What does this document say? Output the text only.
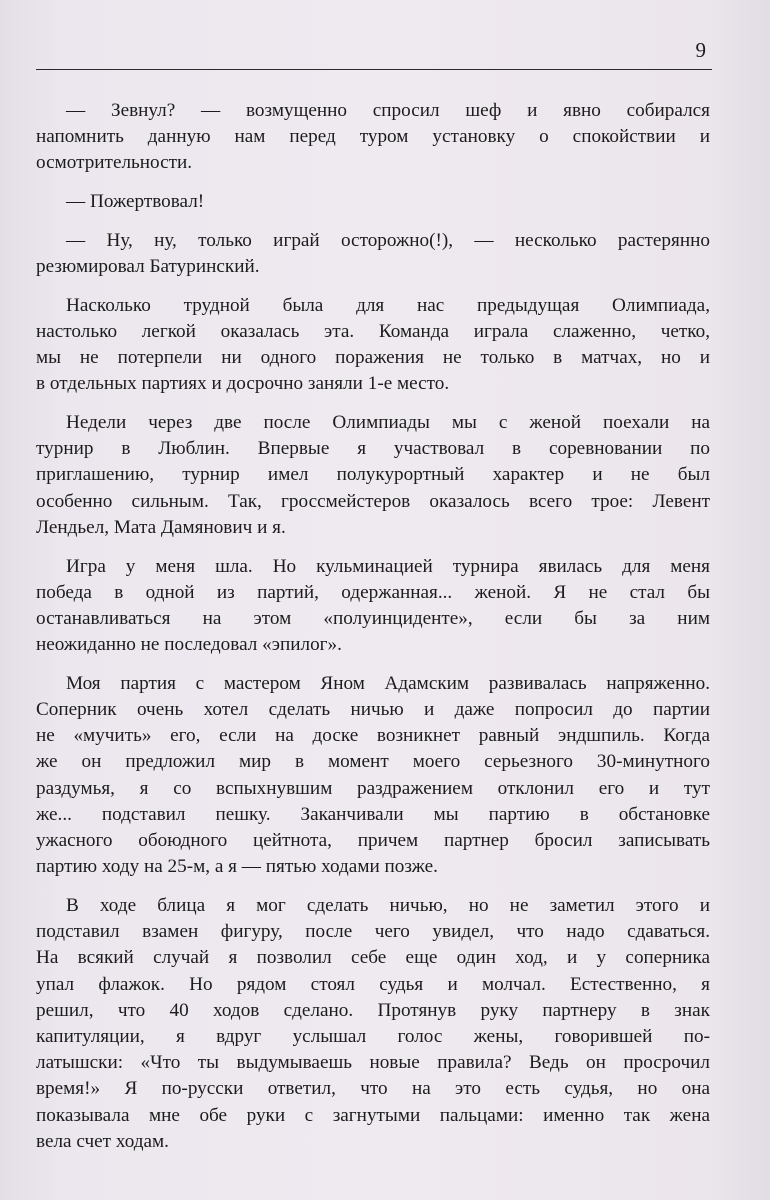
9
— Зевнул? — возмущенно спросил шеф и явно собирался
напомнить данную нам перед туром установку о спокойствии и
осмотрительности.
— Пожертвовал!
— Ну, ну, только играй осторожно(!), — несколько растерянно
резюмировал Батуринский.
Насколько трудной была для нас предыдущая Олимпиада,
настолько легкой оказалась эта. Команда играла слаженно, четко,
мы не потерпели ни одного поражения не только в матчах, но и
в отдельных партиях и досрочно заняли 1-е место.
Недели через две после Олимпиады мы с женой поехали на
турнир в Люблин. Впервые я участвовал в соревновании по
приглашению, турнир имел полукурортный характер и не был
особенно сильным. Так, гроссмейстеров оказалось всего трое: Левент
Лендьел, Мата Дамянович и я.
Игра у меня шла. Но кульминацией турнира явилась для меня
победа в одной из партий, одержанная... женой. Я не стал бы
останавливаться на этом «полуинциденте», если бы за ним
неожиданно не последовал «эпилог».
Моя партия с мастером Яном Адамским развивалась напряженно.
Соперник очень хотел сделать ничью и даже попросил до партии
не «мучить» его, если на доске возникнет равный эндшпиль. Когда
же он предложил мир в момент моего серьезного 30-минутного
раздумья, я со вспыхнувшим раздражением отклонил его и тут
же... подставил пешку. Заканчивали мы партию в обстановке
ужасного обоюдного цейтнота, причем партнер бросил записывать
партию ходу на 25-м, а я — пятью ходами позже.
В ходе блица я мог сделать ничью, но не заметил этого и
подставил взамен фигуру, после чего увидел, что надо сдаваться.
На всякий случай я позволил себе еще один ход, и у соперника
упал флажок. Но рядом стоял судья и молчал. Естественно, я
решил, что 40 ходов сделано. Протянув руку партнеру в знак
капитуляции, я вдруг услышал голос жены, говорившей по-
латышски: «Что ты выдумываешь новые правила? Ведь он просрочил
время!» Я по-русски ответил, что на это есть судья, но она
показывала мне обе руки с загнутыми пальцами: именно так жена
вела счет ходам.
